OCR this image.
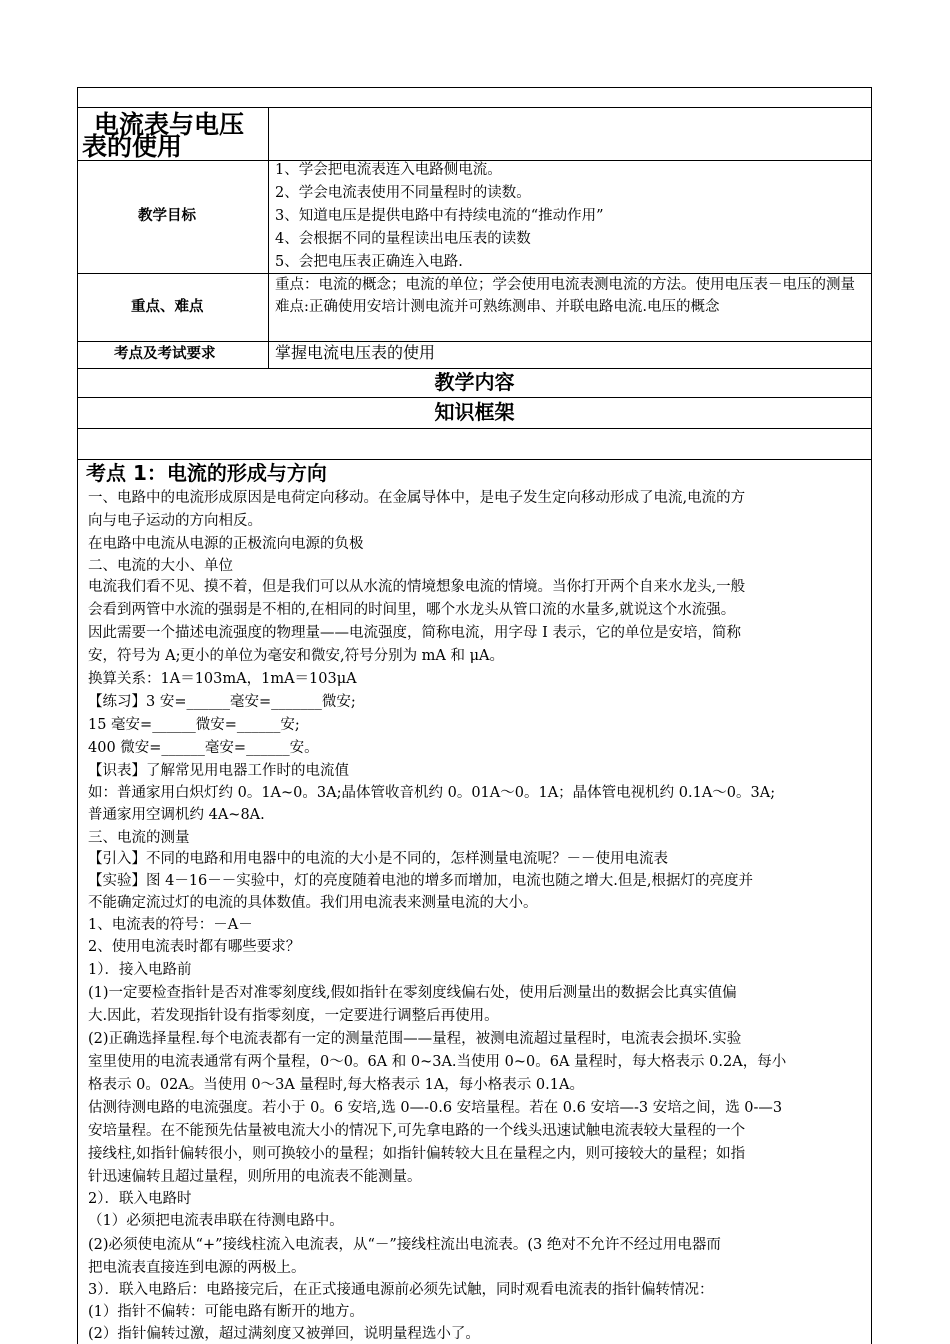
电流表与电压
表的使用
教学目标
1、学会把电流表连入电路侧电流。
2、学会电流表使用不同量程时的读数。
3、知道电压是提供电路中有持续电流的“推动作用”
4、会根据不同的量程读出电压表的读数
5、会把电压表正确连入电路.
重点、难点
重点：电流的概念；电流的单位；学会使用电流表测电流的方法。使用电压表－电压的测量
难点:正确使用安培计测电流并可熟练测串、并联电路电流.电压的概念
考点及考试要求	掌握电流电压表的使用
教学内容
知识框架
考点 1：电流的形成与方向
一、电路中的电流形成原因是电荷定向移动。在金属导体中，是电子发生定向移动形成了电流,电流的方
向与电子运动的方向相反。
在电路中电流从电源的正极流向电源的负极
二、电流的大小、单位
电流我们看不见、摸不着，但是我们可以从水流的情境想象电流的情境。当你打开两个自来水龙头,一般
会看到两管中水流的强弱是不相的,在相同的时间里，哪个水龙头从管口流的水量多,就说这个水流强。
因此需要一个描述电流强度的物理量——电流强度，简称电流，用字母 I 表示，它的单位是安培，简称
安，符号为 A;更小的单位为毫安和微安,符号分别为 mA 和 μA。
换算关系：1A＝103mA，1mA＝103μA
【练习】3 安=______毫安=_______微安;
15 毫安=______微安=______安;
400 微安=______毫安=______安。
【识表】了解常见用电器工作时的电流值
如：普通家用白炽灯约 0。1A~0。3A;晶体管收音机约 0。01A～0。1A；晶体管电视机约 0.1A～0。3A;
普通家用空调机约 4A~8A.
三、电流的测量
【引入】不同的电路和用电器中的电流的大小是不同的，怎样测量电流呢？－－使用电流表
【实验】图 4－16－－实验中，灯的亮度随着电池的增多而增加，电流也随之增大.但是,根据灯的亮度并
不能确定流过灯的电流的具体数值。我们用电流表来测量电流的大小。
1、电流表的符号：－A－
2、使用电流表时都有哪些要求？
1）．接入电路前
(1)一定要检查指针是否对准零刻度线,假如指针在零刻度线偏右处，使用后测量出的数据会比真实值偏
大.因此，若发现指针设有指零刻度，一定要进行调整后再使用。
(2)正确选择量程.每个电流表都有一定的测量范围——量程，被测电流超过量程时，电流表会损坏.实验
室里使用的电流表通常有两个量程，0～0。6A 和 0~3A.当使用 0~0。6A 量程时，每大格表示 0.2A，每小
格表示 0。02A。当使用 0～3A 量程时,每大格表示 1A，每小格表示 0.1A。
估测待测电路的电流强度。若小于 0。6 安培,选 0—-0.6 安培量程。若在 0.6 安培—-3 安培之间，选 0-—3
安培量程。在不能预先估量被电流大小的情况下,可先拿电路的一个线头迅速试触电流表较大量程的一个
接线柱,如指针偏转很小，则可换较小的量程；如指针偏转较大且在量程之内，则可接较大的量程；如指
针迅速偏转且超过量程，则所用的电流表不能测量。
2）．联入电路时
（1）必须把电流表串联在待测电路中。
(2)必须使电流从“+”接线柱流入电流表，从“－”接线柱流出电流表。(3 绝对不允许不经过用电器而
把电流表直接连到电源的两极上。
3）．联入电路后：电路接完后，在正式接通电源前必须先试触，同时观看电流表的指针偏转情况：
(1）指针不偏转：可能电路有断开的地方。
(2）指针偏转过激，超过满刻度又被弹回，说明量程选小了。
